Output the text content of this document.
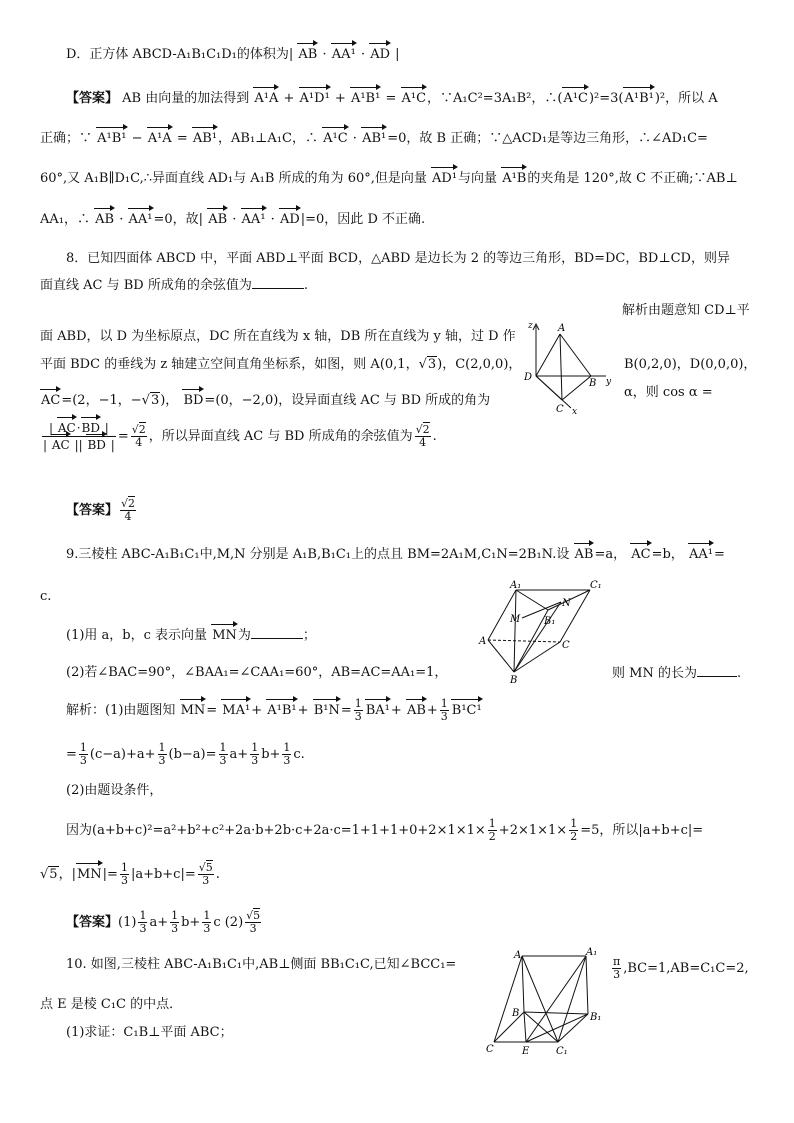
D．正方体 ABCD-A₁B₁C₁D₁的体积为| AB · AA¹ · AD |
【答案】 AB 由向量的加法得到 A¹A + A¹D¹ + A¹B¹ = A¹C，∵A₁C²=3A₁B²，∴(A¹C)²=3(A¹B¹)²，所以 A
正确；∵ A¹B¹ − A¹A = AB¹，AB₁⊥A₁C，∴ A¹C · AB¹=0，故 B 正确；∵△ACD₁是等边三角形，∴∠AD₁C=
60°,又 A₁B∥D₁C,∴异面直线 AD₁与 A₁B 所成的角为 60°,但是向量 AD¹与向量 A¹B的夹角是 120°,故 C 不正确;∵AB⊥
AA₁，∴ AB · AA¹=0，故| AB · AA¹ · AD|=0，因此 D 不正确.
8．已知四面体 ABCD 中，平面 ABD⊥平面 BCD，△ABD 是边长为 2 的等边三角形，BD=DC，BD⊥CD，则异
面直线 AC 与 BD 所成角的余弦值为	.
解析由题意知 CD⊥平
z	A
D
B y
C x
面 ABD，以 D 为坐标原点，DC 所在直线为 x 轴，DB 所在直线为 y 轴，过 D 作
平面 BDC 的垂线为 z 轴建立空间直角坐标系，如图，则 A(0,1，√3)，C(2,0,0)，	B(0,2,0)，D(0,0,0)，
AC=(2，−1，−√3)， BD=(0，−2,0)，设异面直线 AC 与 BD 所成的角为
α，则 cos α =
$\frac{| AC\cdot BD |}{| AC || BD |} = \frac{√2}{4}$ ，所以异面直线 AC 与 BD 所成角的余弦值为 $\frac{√2}{4}$ .
【答案】 $\frac{√2}{4}$
9.三棱柱 ABC-A₁B₁C₁中,M,N 分别是 A₁B,B₁C₁上的点且 BM=2A₁M,C₁N=2B₁N.设 AB=a， AC=b， AA¹=
c.
A₁	C₁
M
N
B₁
A	C
B
(1)用 a，b，c 表示向量 MN为	；
(2)若∠BAC=90°，∠BAA₁=∠CAA₁=60°，AB=AC=AA₁=1，	则 MN 的长为	.
解析：(1)由题图知 $MN= MA^1+ A^1B^1+ B^1N= \frac{1}{3} BA^1+ AB+ \frac{1}{3} B^1C^1$
= $\frac{1}{3} (c-a)+a+ \frac{1}{3} (b-a)= \frac{1}{3} a+ \frac{1}{3} b+ \frac{1}{3} c$.
(2)由题设条件，
因为$(a+b+c)^2=a^2+b^2+c^2+2a\cdot b+2b\cdot c+2a\cdot c=1+1+1+0+2\times 1\times 1\times \frac{1}{2} +2\times 1\times 1\times \frac{1}{2} =5$，所以|a+b+c|=
√5，$|MN|= \frac{1}{3} |a+b+c|= \frac{√5}{3}$ .
【答案】$(1) \frac{1}{3} a+ \frac{1}{3} b+ \frac{1}{3}$ c $(2) \frac{√5}{3}$
10. 如图,三棱柱 ABC-A₁B₁C₁中,AB⊥侧面 BB₁C₁C,已知∠BCC₁=	$\frac{\pi}{3} ,BC=1,AB=C_1C=2$,
点 E 是棱 C₁C 的中点．
(1)求证：C₁B⊥平面 ABC；
A	A₁
B	B₁
C	E	C₁
